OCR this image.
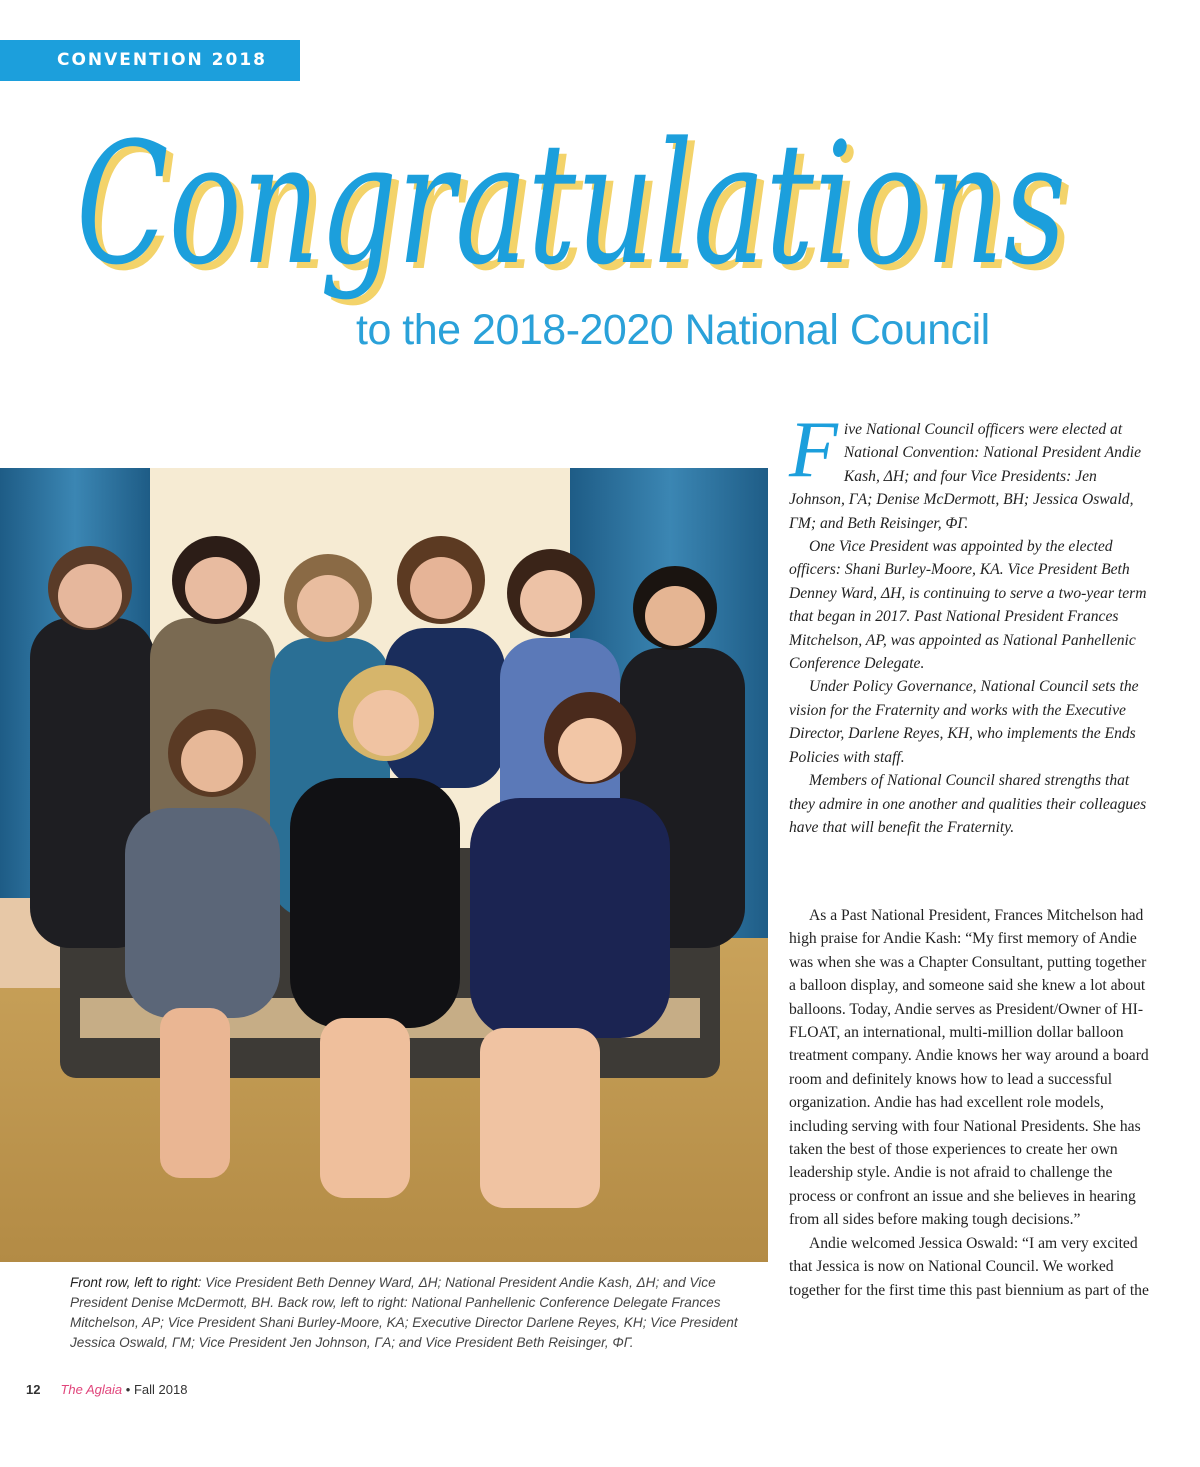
CONVENTION 2018
Congratulations
Congratulations
to the 2018-2020 National Council
Front row, left to right: Vice President Beth Denney Ward, ΔH; National President Andie Kash, ΔH; and Vice President Denise McDermott, BH. Back row, left to right: National Panhellenic Conference Delegate Frances Mitchelson, AP; Vice President Shani Burley-Moore, KA; Executive Director Darlene Reyes, KH; Vice President Jessica Oswald, ΓM; Vice President Jen Johnson, ΓA; and Vice President Beth Reisinger, ΦΓ.

Five National Council officers were elected at National Convention: National President Andie Kash, ΔH; and four Vice Presidents: Jen Johnson, ΓA; Denise McDermott, BH; Jessica Oswald, ΓM; and Beth Reisinger, ΦΓ.

One Vice President was appointed by the elected officers: Shani Burley-Moore, KA. Vice President Beth Denney Ward, ΔH, is continuing to serve a two-year term that began in 2017. Past National President Frances Mitchelson, AP, was appointed as National Panhellenic Conference Delegate.

Under Policy Governance, National Council sets the vision for the Fraternity and works with the Executive Director, Darlene Reyes, KH, who implements the Ends Policies with staff.

Members of National Council shared strengths that they admire in one another and qualities their colleagues have that will benefit the Fraternity.

As a Past National President, Frances Mitchelson had high praise for Andie Kash: “My first memory of Andie was when she was a Chapter Consultant, putting together a balloon display, and someone said she knew a lot about balloons. Today, Andie serves as President/Owner of HI-FLOAT, an international, multi-million dollar balloon treatment company. Andie knows her way around a board room and definitely knows how to lead a successful organization. Andie has had excellent role models, including serving with four National Presidents. She has taken the best of those experiences to create her own leadership style. Andie is not afraid to challenge the process or confront an issue and she believes in hearing from all sides before making tough decisions.”

Andie welcomed Jessica Oswald: “I am very excited that Jessica is now on National Council. We worked together for the first time this past biennium as part of the

12 The Aglaia • Fall 2018
